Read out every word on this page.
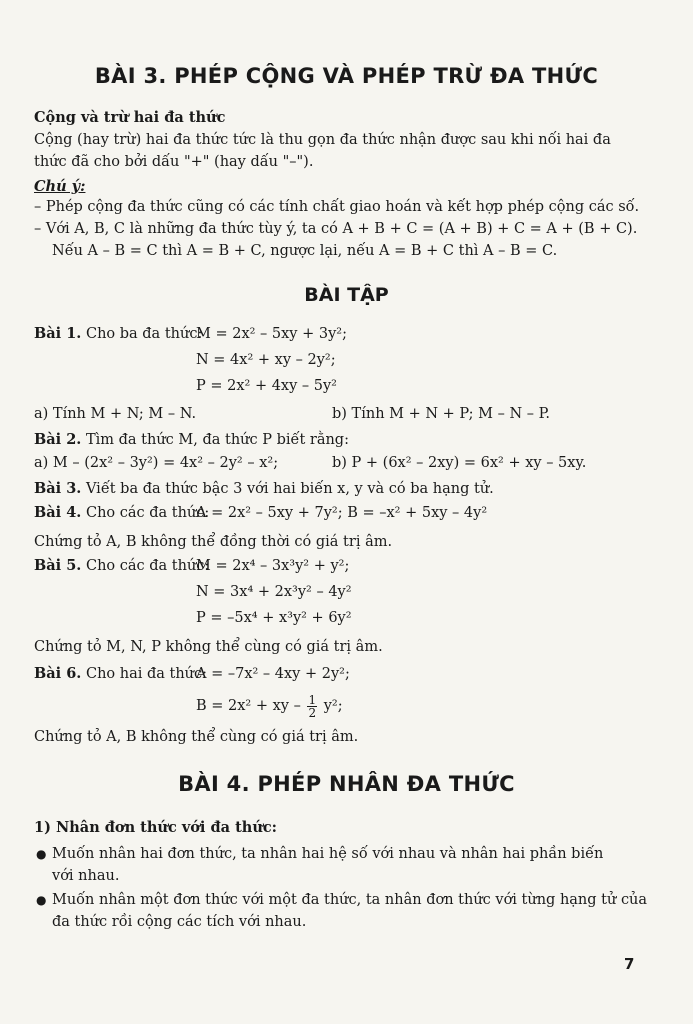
BÀI 3. PHÉP CỘNG VÀ PHÉP TRỪ ĐA THỨC
Cộng và trừ hai đa thức
Cộng (hay trừ) hai đa thức tức là thu gọn đa thức nhận được sau khi nối hai đa
thức đã cho bởi dấu "+" (hay dấu "–").
Chú ý:
– Phép cộng đa thức cũng có các tính chất giao hoán và kết hợp phép cộng các số.
– Với A, B, C là những đa thức tùy ý, ta có A + B + C = (A + B) + C = A + (B + C).
Nếu A – B = C thì A = B + C, ngược lại, nếu A = B + C thì A – B = C.
BÀI TẬP
Bài 1. Cho ba đa thức:
M = 2x² – 5xy + 3y²;
N = 4x² + xy – 2y²;
P = 2x² + 4xy – 5y²
a) Tính M + N; M – N.	b) Tính M + N + P; M – N – P.
Bài 2. Tìm đa thức M, đa thức P biết rằng:
a) M – (2x² – 3y²) = 4x² – 2y² – x²;	b) P + (6x² – 2xy) = 6x² + xy – 5xy.
Bài 3. Viết ba đa thức bậc 3 với hai biến x, y và có ba hạng tử.
Bài 4. Cho các đa thức:
A = 2x² – 5xy + 7y²; B = –x² + 5xy – 4y²
Chứng tỏ A, B không thể đồng thời có giá trị âm.
Bài 5. Cho các đa thức:
M = 2x⁴ – 3x³y² + y²;
N = 3x⁴ + 2x³y² – 4y²
P = –5x⁴ + x³y² + 6y²
Chứng tỏ M, N, P không thể cùng có giá trị âm.
Bài 6. Cho hai đa thức:
A = –7x² – 4xy + 2y²;
B = 2x² + xy – $\frac{1}{2} y^2$;
Chứng tỏ A, B không thể cùng có giá trị âm.
BÀI 4. PHÉP NHÂN ĐA THỨC
1) Nhân đơn thức với đa thức:
● Muốn nhân hai đơn thức, ta nhân hai hệ số với nhau và nhân hai phần biến
với nhau.
● Muốn nhân một đơn thức với một đa thức, ta nhân đơn thức với từng hạng tử của
đa thức rồi cộng các tích với nhau.
7
